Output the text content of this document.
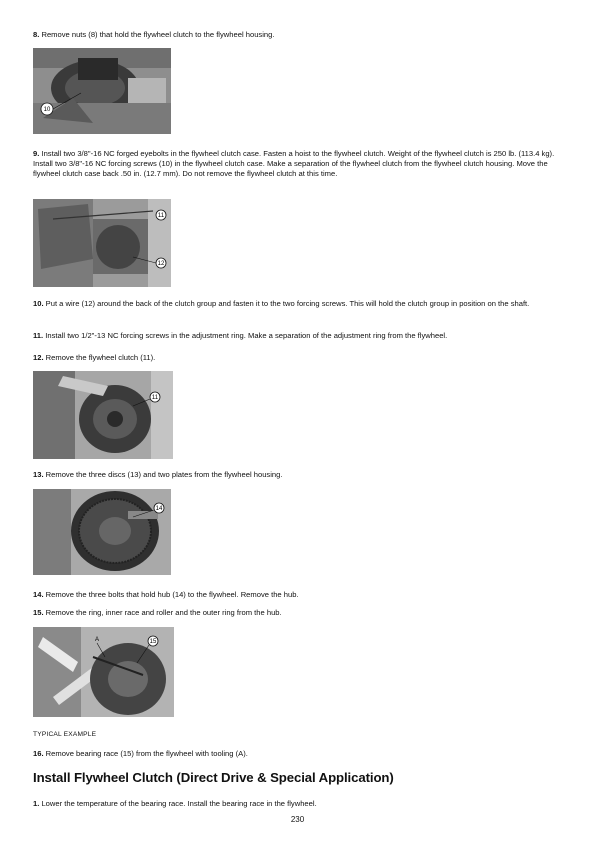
8. Remove nuts (8) that hold the flywheel clutch to the flywheel housing.
10
9. Install two 3/8"-16 NC forged eyebolts in the flywheel clutch case. Fasten a hoist to the flywheel clutch. Weight of the flywheel clutch is 250 lb. (113.4 kg). Install two 3/8"-16 NC forcing screws (10) in the flywheel clutch case. Make a separation of the flywheel clutch from the flywheel clutch housing. Move the flywheel clutch case back .50 in. (12.7 mm). Do not remove the flywheel clutch at this time.
11
12
10. Put a wire (12) around the back of the clutch group and fasten it to the two forcing screws. This will hold the clutch group in position on the shaft.
11. Install two 1/2"-13 NC forcing screws in the adjustment ring. Make a separation of the adjustment ring from the flywheel.
12. Remove the flywheel clutch (11).
11
13. Remove the three discs (13) and two plates from the flywheel housing.
14
14. Remove the three bolts that hold hub (14) to the flywheel. Remove the hub.
15. Remove the ring, inner race and roller and the outer ring from the hub.
A	15
TYPICAL EXAMPLE
16. Remove bearing race (15) from the flywheel with tooling (A).
Install Flywheel Clutch (Direct Drive & Special Application)
1. Lower the temperature of the bearing race. Install the bearing race in the flywheel.
230
